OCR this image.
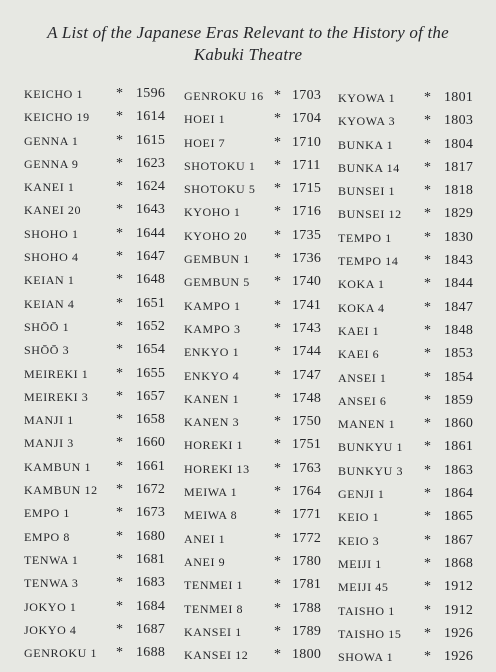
A List of the Japanese Eras Relevant to the History of the
Kabuki Theatre
KEICHO 1 * 1596
KEICHO 19 * 1614
GENNA 1	* 1615
GENNA 9	* 1623
KANEI 1	* 1624
KANEI 20 * 1643
SHOHO 1	* 1644
SHOHO 4	* 1647
KEIAN 1	* 1648
KEIAN 4	* 1651
SHŌŌ 1	* 1652
SHŌŌ 3	* 1654
MEIREKI 1 * 1655
MEIREKI 3 * 1657
MANJI 1	* 1658
MANJI 3	* 1660
KAMBUN 1 * 1661
KAMBUN 12 * 1672
EMPO 1	* 1673
EMPO 8	* 1680
TENWA 1	* 1681
TENWA 3	* 1683
JOKYO 1	* 1684
JOKYO 4	* 1687
GENROKU 1 * 1688
GENROKU 16 * 1703
HOEI 1	* 1704
HOEI 7	* 1710
SHOTOKU 1 * 1711
SHOTOKU 5 * 1715
KYOHO 1 * 1716
KYOHO 20 * 1735
GEMBUN 1 * 1736
GEMBUN 5 * 1740
KAMPO 1 * 1741
KAMPO 3 * 1743
ENKYO 1 * 1744
ENKYO 4 * 1747
KANEN 1 * 1748
KANEN 3 * 1750
HOREKI 1 * 1751
HOREKI 13 * 1763
MEIWA 1	* 1764
MEIWA 8	* 1771
ANEI 1	* 1772
ANEI 9	* 1780
TENMEI 1 * 1781
TENMEI 8 * 1788
KANSEI 1 * 1789
KANSEI 12 * 1800
KYOWA 1 * 1801
KYOWA 3 * 1803
BUNKA 1 * 1804
BUNKA 14 * 1817
BUNSEI 1 * 1818
BUNSEI 12 * 1829
TEMPO 1 * 1830
TEMPO 14 * 1843
KOKA 1	* 1844
KOKA 4	* 1847
KAEI 1	* 1848
KAEI 6	* 1853
ANSEI 1	* 1854
ANSEI 6	* 1859
MANEN 1 * 1860
BUNKYU 1 * 1861
BUNKYU 3 * 1863
GENJI 1	* 1864
KEIO 1	* 1865
KEIO 3	* 1867
MEIJI 1	* 1868
MEIJI 45	* 1912
TAISHO 1 * 1912
TAISHO 15 * 1926
SHOWA 1 * 1926
